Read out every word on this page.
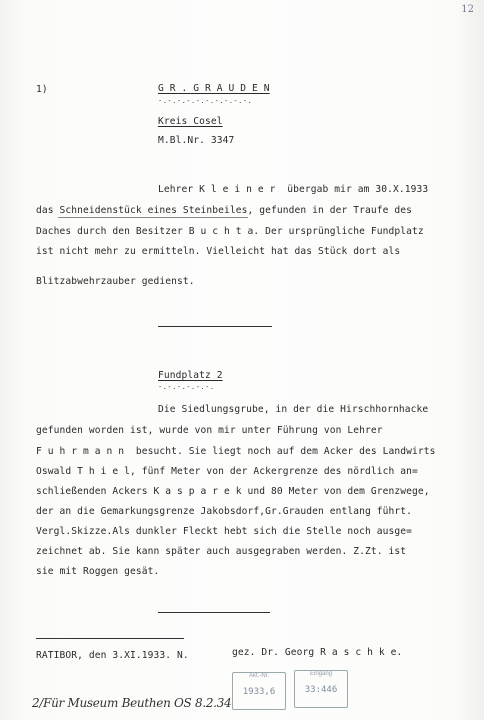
12
1)	G R . G R A U D E N
-.-.-.-.-.-.-.-.-.-.
Kreis Cosel
M.Bl.Nr. 3347
Lehrer K l e i n e r  übergab mir am 30.X.1933
das Schneidenstück eines Steinbeiles, gefunden in der Traufe des
Daches durch den Besitzer B u c h t a. Der ursprüngliche Fundplatz
ist nicht mehr zu ermitteln. Vielleicht hat das Stück dort als
Blitzabwehrzauber gedienst.
Fundplatz 2
-.-.-.-.-.-.
Die Siedlungsgrube, in der die Hirschhornhacke
gefunden worden ist, wurde von mir unter Führung von Lehrer
F u h r m a n n  besucht. Sie liegt noch auf dem Acker des Landwirts
Oswald T h i e l, fünf Meter von der Ackergrenze des nördlich an=
schließenden Ackers K a s p a r e k und 80 Meter von dem Grenzwege,
der an die Gemarkungsgrenze Jakobsdorf,Gr.Grauden entlang führt.
Vergl.Skizze.Als dunkler Fleckt hebt sich die Stelle noch ausge=
zeichnet ab. Sie kann später auch ausgegraben werden. Z.Zt. ist
sie mit Roggen gesät.
RATIBOR, den 3.XI.1933. N.	gez. Dr. Georg R a s c h k e.
Akt.-Nr.
1933,6
Eingang
33:446
2/Für Museum Beuthen OS 8.2.34
